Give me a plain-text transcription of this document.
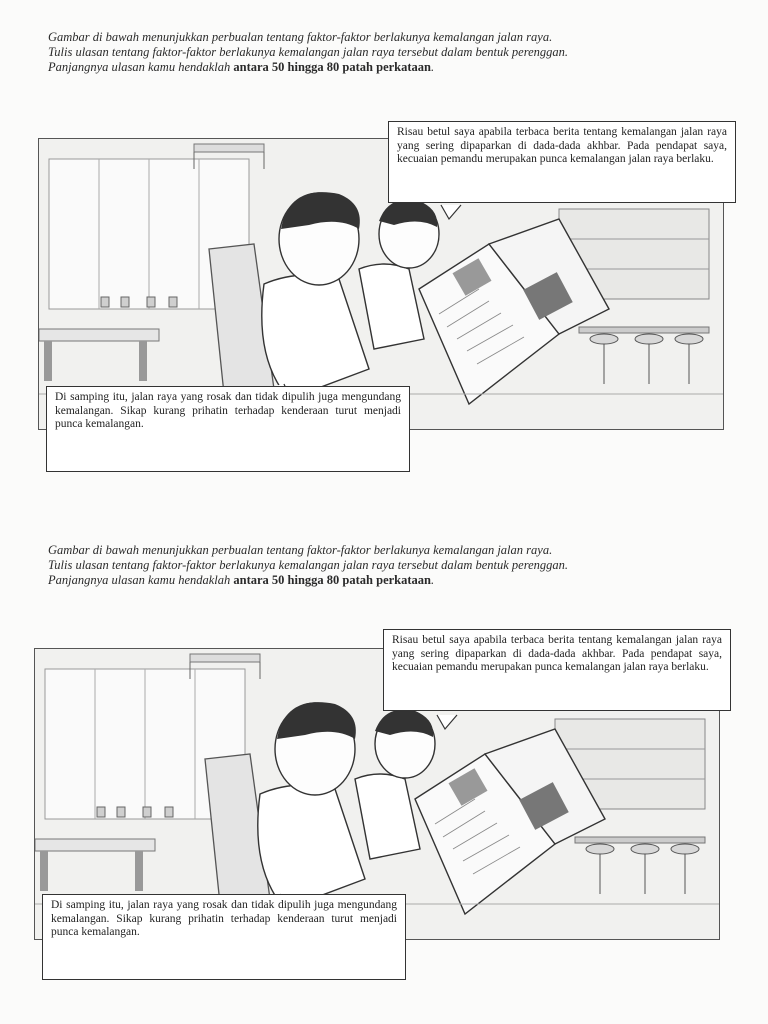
Gambar di bawah menunjukkan perbualan tentang faktor-faktor berlakunya kemalangan jalan raya.
Tulis ulasan tentang faktor-faktor berlakunya kemalangan jalan raya tersebut dalam bentuk perenggan.
Panjangnya ulasan kamu hendaklah antara 50 hingga 80 patah perkataan.
Risau betul saya apabila terbaca berita tentang kemalangan jalan raya yang sering dipaparkan di dada-dada akhbar. Pada pendapat saya, kecuaian pemandu merupakan punca kemalangan jalan raya berlaku.
Di samping itu, jalan raya yang rosak dan tidak dipulih juga mengundang kemalangan. Sikap kurang prihatin terhadap kenderaan turut menjadi punca kemalangan.
Gambar di bawah menunjukkan perbualan tentang faktor-faktor berlakunya kemalangan jalan raya.
Tulis ulasan tentang faktor-faktor berlakunya kemalangan jalan raya tersebut dalam bentuk perenggan.
Panjangnya ulasan kamu hendaklah antara 50 hingga 80 patah perkataan.
Risau betul saya apabila terbaca berita tentang kemalangan jalan raya yang sering dipaparkan di dada-dada akhbar. Pada pendapat saya, kecuaian pemandu merupakan punca kemalangan jalan raya berlaku.
Di samping itu, jalan raya yang rosak dan tidak dipulih juga mengundang kemalangan. Sikap kurang prihatin terhadap kenderaan turut menjadi punca kemalangan.
